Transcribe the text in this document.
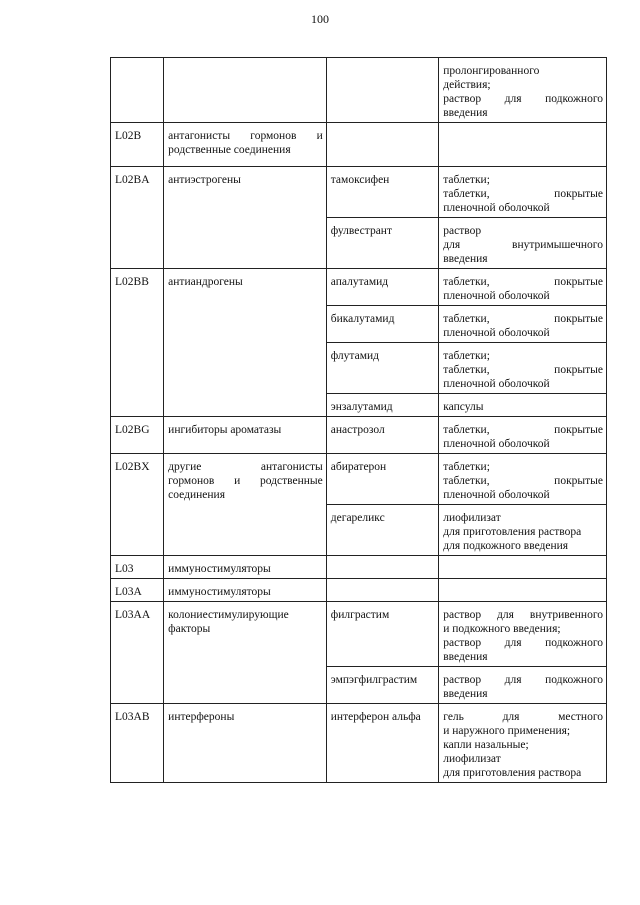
100

			пролонгированного
действия;
раствор для подкожного
введения

L02B	антагонисты гормонов и
родственные соединения		

L02BA	антиэстрогены	тамоксифен	таблетки;
таблетки, покрытые
пленочной оболочкой

		фулвестрант	раствор
для внутримышечного
введения

L02BB	антиандрогены	апалутамид	таблетки, покрытые
пленочной оболочкой

		бикалутамид	таблетки, покрытые
пленочной оболочкой

		флутамид	таблетки;
таблетки, покрытые
пленочной оболочкой

		энзалутамид	капсулы

L02BG	ингибиторы ароматазы	анастрозол	таблетки, покрытые
пленочной оболочкой

L02BX	другие антагонисты
гормонов и родственные
соединения	абиратерон	таблетки;
таблетки, покрытые
пленочной оболочкой

		дегареликс	лиофилизат
для приготовления раствора
для подкожного введения

L03	иммуностимуляторы		

L03A	иммуностимуляторы		

L03AA	колониестимулирующие
факторы	филграстим	раствор для внутривенного
и подкожного введения;
раствор для подкожного
введения

		эмпэгфилграстим	раствор для подкожного
введения

L03AB	интерфероны	интерферон альфа	гель для местного
и наружного применения;
капли назальные;
лиофилизат
для приготовления раствора
